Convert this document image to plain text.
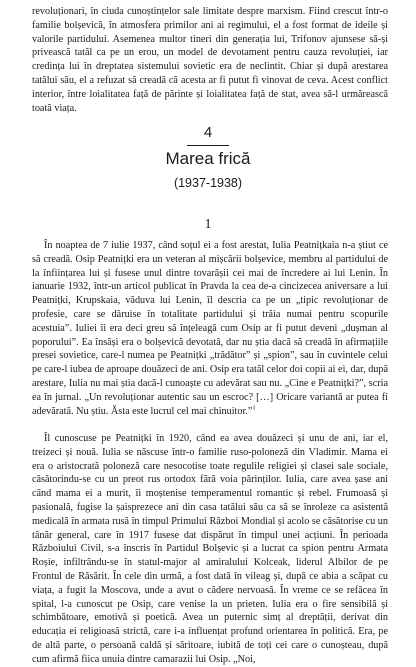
revoluționari, în ciuda cunoștințelor sale limitate despre marxism. Fiind crescut într-o familie bolșevică, în atmosfera primilor ani ai regimului, el a fost format de ideile și valorile partidului. Asemenea multor tineri din generația lui, Trifonov ajunsese să-și privească tatăl ca pe un erou, un model de devotament pentru cauza revoluției, iar credința lui în dreptatea sistemului sovietic era de neclintit. Chiar și după arestarea tatălui său, el a refuzat să creadă că acesta ar fi putut fi vinovat de ceva. Acest conflict interior, între loialitatea față de părinte și loialitatea față de stat, avea să-l urmărească toată viața.

4
Marea frică
(1937-1938)
1

În noaptea de 7 iulie 1937, când soțul ei a fost arestat, Iulia Peatnițkaia n-a știut ce să creadă. Osip Peatnițki era un veteran al mișcării bolșevice, membru al partidului de la înființarea lui și fusese unul dintre tovarășii cei mai de încredere ai lui Lenin. În ianuarie 1932, într-un articol publicat în Pravda la cea de-a cincizecea aniversare a lui Peatnițki, Krupskaia, văduva lui Lenin, îl descria ca pe un „tipic revoluționar de profesie, care se dăruise în totalitate partidului și trăia numai pentru scopurile acestuia”. Iuliei îi era deci greu să înțeleagă cum Osip ar fi putut deveni „dușman al poporului”. Ea însăși era o bolșevică devotată, dar nu știa dacă să creadă în afirmațiile presei sovietice, care-l numea pe Peatnițki „trădător” și „spion”, sau în cuvintele celui pe care-l iubea de aproape douăzeci de ani. Osip era tatăl celor doi copii ai ei, dar, după arestare, Iulia nu mai știa dacă-l cunoaște cu adevărat sau nu. „Cine e Peatnițki?”, scria ea în jurnal. „Un revoluționar autentic sau un escroc? […] Oricare variantă ar putea fi adevărată. Nu știu. Ăsta este lucrul cel mai chinuitor.”$^1$

Îl cunoscuse pe Peatnițki în 1920, când ea avea douăzeci și unu de ani, iar el, treizeci și nouă. Iulia se născuse într-o familie ruso-poloneză din Vladimir. Mama ei era o aristocrată poloneză care nesocotise toate regulile religiei și clasei sale sociale, căsătorindu-se cu un preot rus ortodox fără voia părinților. Iulia, care avea șase ani când mama ei a murit, îi moștenise temperamentul romantic și rebel. Frumoasă și pasională, fugise la șaisprezece ani din casa tatălui său ca să se înroleze ca asistentă medicală în armata rusă în timpul Primului Război Mondial și acolo se căsătorise cu un tânăr general, care în 1917 fusese dat dispărut în timpul unei acțiuni. În perioada Războiului Civil, s-a înscris în Partidul Bolșevic și a lucrat ca spion pentru Armata Roșie, infiltrându-se în statul-major al amiralului Kolceak, liderul Albilor de pe Frontul de Răsărit. În cele din urmă, a fost dată în vileag și, după ce abia a scăpat cu viața, a fugit la Moscova, unde a avut o cădere nervoasă. În vreme ce se refăcea în spital, l-a cunoscut pe Osip, care venise la un prieten. Iulia era o fire sensibilă și schimbătoare, emotivă și poetică. Avea un puternic simț al dreptății, derivat din educația ei religioasă strictă, care i-a influențat profund orientarea în politică. Era, pe de altă parte, o persoană caldă și săritoare, iubită de toți cei care o cunoșteau, după cum afirmă fiica unuia dintre camarazii lui Osip. „Noi,
